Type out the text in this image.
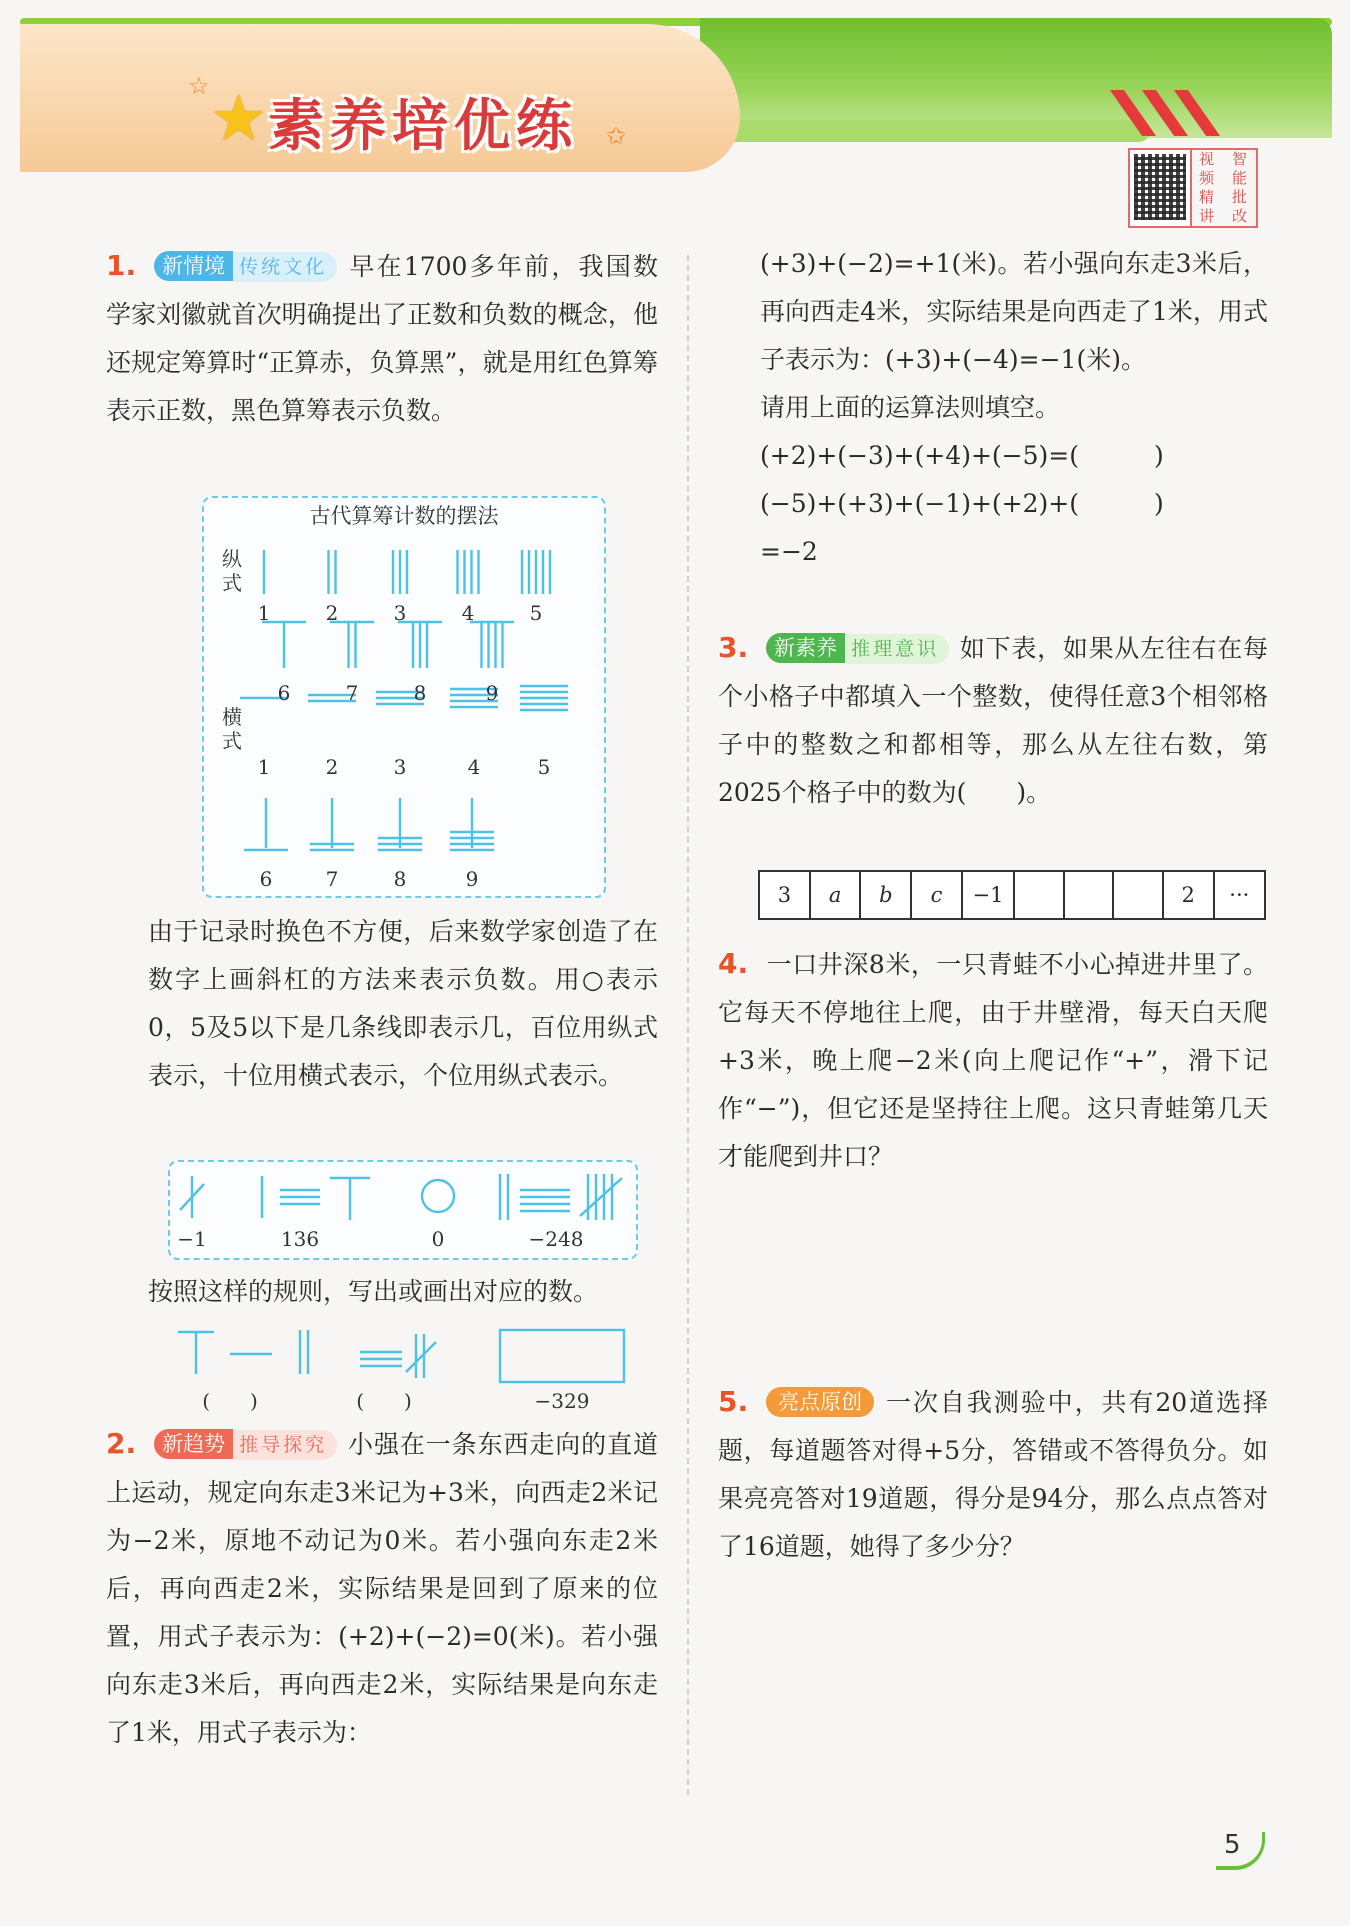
★
☆
✩
素养培优练	视	智
频	能
精	批
讲	改

1. 新情境 传统文化 早在1700多年前，我国数学家刘徽就首次明确提出了正数和负数的概念，他还规定筹算时“正算赤，负算黑”，就是用红色算筹表示正数，黑色算筹表示负数。

古代算筹计数的摆法
纵
式
横
式
1	2	3	4	5
6	7	8	9
1	2	3	4	5
6	7	8	9

由于记录时换色不方便，后来数学家创造了在数字上画斜杠的方法来表示负数。用○表示0，5及5以下是几条线即表示几，百位用纵式表示，十位用横式表示，个位用纵式表示。

−1	136	0	−248

按照这样的规则，写出或画出对应的数。

(　　)	(　　)	−329

2. 新趋势 推导探究 小强在一条东西走向的直道上运动，规定向东走3米记为+3米，向西走2米记为−2米，原地不动记为0米。若小强向东走2米后，再向西走2米，实际结果是回到了原来的位置，用式子表示为：(+2)+(−2)=0(米)。若小强向东走3米后，再向西走2米，实际结果是向东走了1米，用式子表示为：

(+3)+(−2)=+1(米)。若小强向东走3米后，再向西走4米，实际结果是向西走了1米，用式子表示为：(+3)+(−4)=−1(米)。

请用上面的运算法则填空。

(+2)+(−3)+(+4)+(−5)=(　　　)

(−5)+(+3)+(−1)+(+2)+(　　　)

=−2

3. 新素养 推理意识 如下表，如果从左往右在每个小格子中都填入一个整数，使得任意3个相邻格子中的整数之和都相等，那么从左往右数，第2025个格子中的数为(　　)。

3	a	b	c	−1				2	···

4. 一口井深8米，一只青蛙不小心掉进井里了。它每天不停地往上爬，由于井壁滑，每天白天爬+3米，晚上爬−2米(向上爬记作“+”，滑下记作“−”)，但它还是坚持往上爬。这只青蛙第几天才能爬到井口？

5. 亮点原创 一次自我测验中，共有20道选择题，每道题答对得+5分，答错或不答得负分。如果亮亮答对19道题，得分是94分，那么点点答对了16道题，她得了多少分？

5
